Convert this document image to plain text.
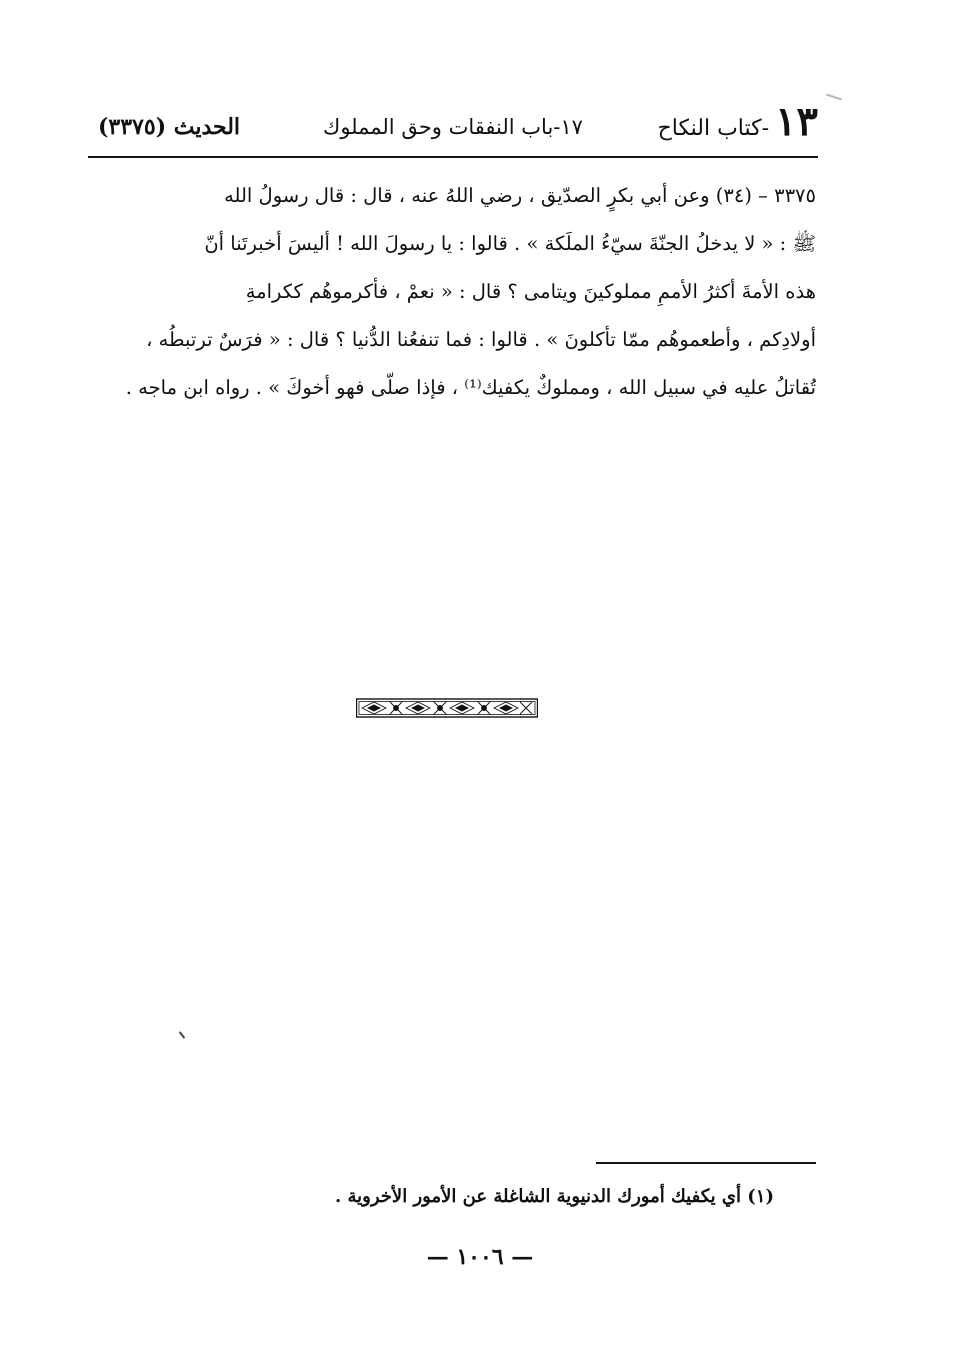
١٣
-كتاب النكاح
١٧-باب النفقات وحق المملوك
الحديث (٣٣٧٥)
٣٣٧٥ – (٣٤) وعن أبي بكرٍ الصدّيق ، رضي اللهُ عنه ، قال : قال رسولُ الله
ﷺ : « لا يدخلُ الجنّةَ سيّءُ الملَكة » . قالوا : يا رسولَ الله ! أليسَ أخبرتَنا أنّ
هذه الأمةَ أكثرُ الأممِ مملوكينَ ويتامى ؟ قال : « نعمْ ، فأكرموهُم ككرامةِ
أولادِكم ، وأطعموهُم ممّا تأكلونَ » . قالوا : فما تنفعُنا الدُّنيا ؟ قال : « فرَسٌ ترتبطُه ،
تُقاتلُ عليه في سبيل الله ، ومملوكٌ يكفيك⁽¹⁾ ، فإذا صلّى فهو أخوكَ » . رواه ابن ماجه .
(١) أي يكفيك أمورك الدنيوية الشاغلة عن الأمور الأخروية .
— ١٠٠٦ —
